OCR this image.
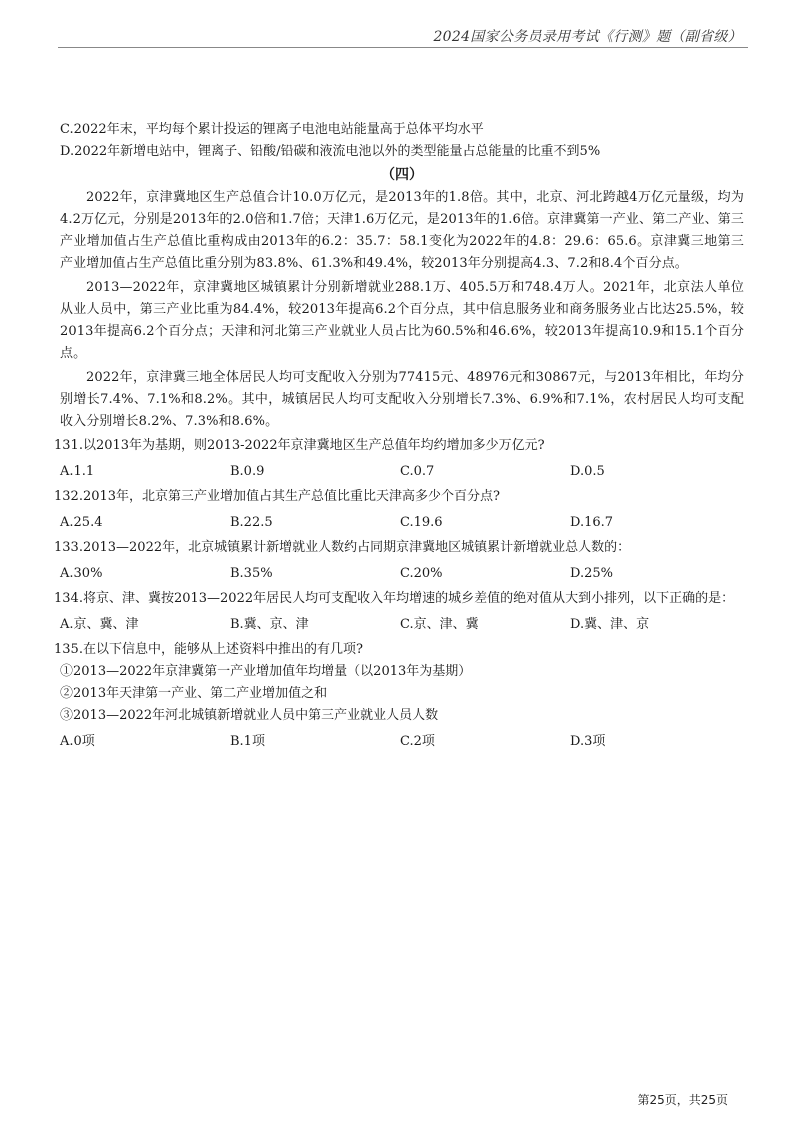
2024国家公务员录用考试《行测》题（副省级）
C.2022年末，平均每个累计投运的锂离子电池电站能量高于总体平均水平
D.2022年新增电站中，锂离子、铅酸/铅碳和液流电池以外的类型能量占总能量的比重不到5%
（四）
2022年，京津冀地区生产总值合计10.0万亿元，是2013年的1.8倍。其中，北京、河北跨越4万亿元量级，均为4.2万亿元，分别是2013年的2.0倍和1.7倍；天津1.6万亿元，是2013年的1.6倍。京津冀第一产业、第二产业、第三产业增加值占生产总值比重构成由2013年的6.2：35.7：58.1变化为2022年的4.8：29.6：65.6。京津冀三地第三产业增加值占生产总值比重分别为83.8%、61.3%和49.4%，较2013年分别提高4.3、7.2和8.4个百分点。
2013—2022年，京津冀地区城镇累计分别新增就业288.1万、405.5万和748.4万人。2021年，北京法人单位从业人员中，第三产业比重为84.4%，较2013年提高6.2个百分点，其中信息服务业和商务服务业占比达25.5%，较2013年提高6.2个百分点；天津和河北第三产业就业人员占比为60.5%和46.6%，较2013年提高10.9和15.1个百分点。
2022年，京津冀三地全体居民人均可支配收入分别为77415元、48976元和30867元，与2013年相比，年均分别增长7.4%、7.1%和8.2%。其中，城镇居民人均可支配收入分别增长7.3%、6.9%和7.1%，农村居民人均可支配收入分别增长8.2%、7.3%和8.6%。
131.以2013年为基期，则2013-2022年京津冀地区生产总值年均约增加多少万亿元?
A.1.1	B.0.9	C.0.7	D.0.5
132.2013年，北京第三产业增加值占其生产总值比重比天津高多少个百分点?
A.25.4	B.22.5	C.19.6	D.16.7
133.2013—2022年，北京城镇累计新增就业人数约占同期京津冀地区城镇累计新增就业总人数的：
A.30%	B.35%	C.20%	D.25%
134.将京、津、冀按2013—2022年居民人均可支配收入年均增速的城乡差值的绝对值从大到小排列，以下正确的是：
A.京、冀、津	B.冀、京、津	C.京、津、冀	D.冀、津、京
135.在以下信息中，能够从上述资料中推出的有几项?
①2013—2022年京津冀第一产业增加值年均增量（以2013年为基期）
②2013年天津第一产业、第二产业增加值之和
③2013—2022年河北城镇新增就业人员中第三产业就业人员人数
A.0项	B.1项	C.2项	D.3项
第25页，共25页
